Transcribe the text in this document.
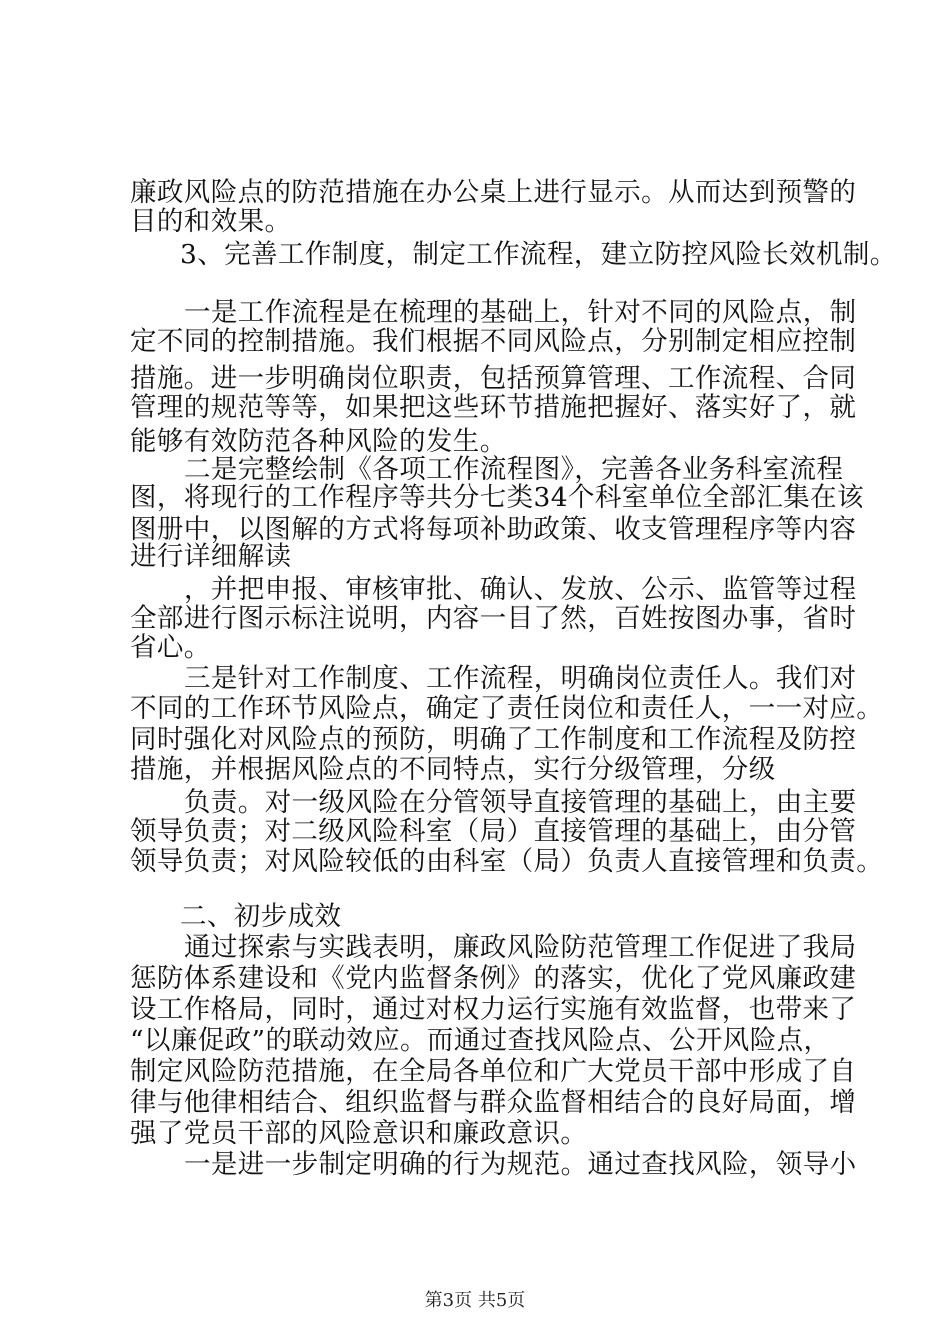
廉政风险点的防范措施在办公桌上进行显示。从而达到预警的
目的和效果。
3、完善工作制度，制定工作流程，建立防控风险长效机制。
一是工作流程是在梳理的基础上，针对不同的风险点，制
定不同的控制措施。我们根据不同风险点，分别制定相应控制
措施。进一步明确岗位职责，包括预算管理、工作流程、合同
管理的规范等等，如果把这些环节措施把握好、落实好了，就
能够有效防范各种风险的发生。
二是完整绘制《各项工作流程图》，完善各业务科室流程
图，将现行的工作程序等共分七类34个科室单位全部汇集在该
图册中，以图解的方式将每项补助政策、收支管理程序等内容
进行详细解读
，并把申报、审核审批、确认、发放、公示、监管等过程
全部进行图示标注说明，内容一目了然，百姓按图办事，省时
省心。
三是针对工作制度、工作流程，明确岗位责任人。我们对
不同的工作环节风险点，确定了责任岗位和责任人，一一对应。
同时强化对风险点的预防，明确了工作制度和工作流程及防控
措施，并根据风险点的不同特点，实行分级管理，分级
负责。对一级风险在分管领导直接管理的基础上，由主要
领导负责；对二级风险科室（局）直接管理的基础上，由分管
领导负责；对风险较低的由科室（局）负责人直接管理和负责。
二、初步成效
通过探索与实践表明，廉政风险防范管理工作促进了我局
惩防体系建设和《党内监督条例》的落实，优化了党风廉政建
设工作格局，同时，通过对权力运行实施有效监督，也带来了
“以廉促政”的联动效应。而通过查找风险点、公开风险点，
制定风险防范措施，在全局各单位和广大党员干部中形成了自
律与他律相结合、组织监督与群众监督相结合的良好局面，增
强了党员干部的风险意识和廉政意识。
一是进一步制定明确的行为规范。通过查找风险，领导小
第3页 共5页
